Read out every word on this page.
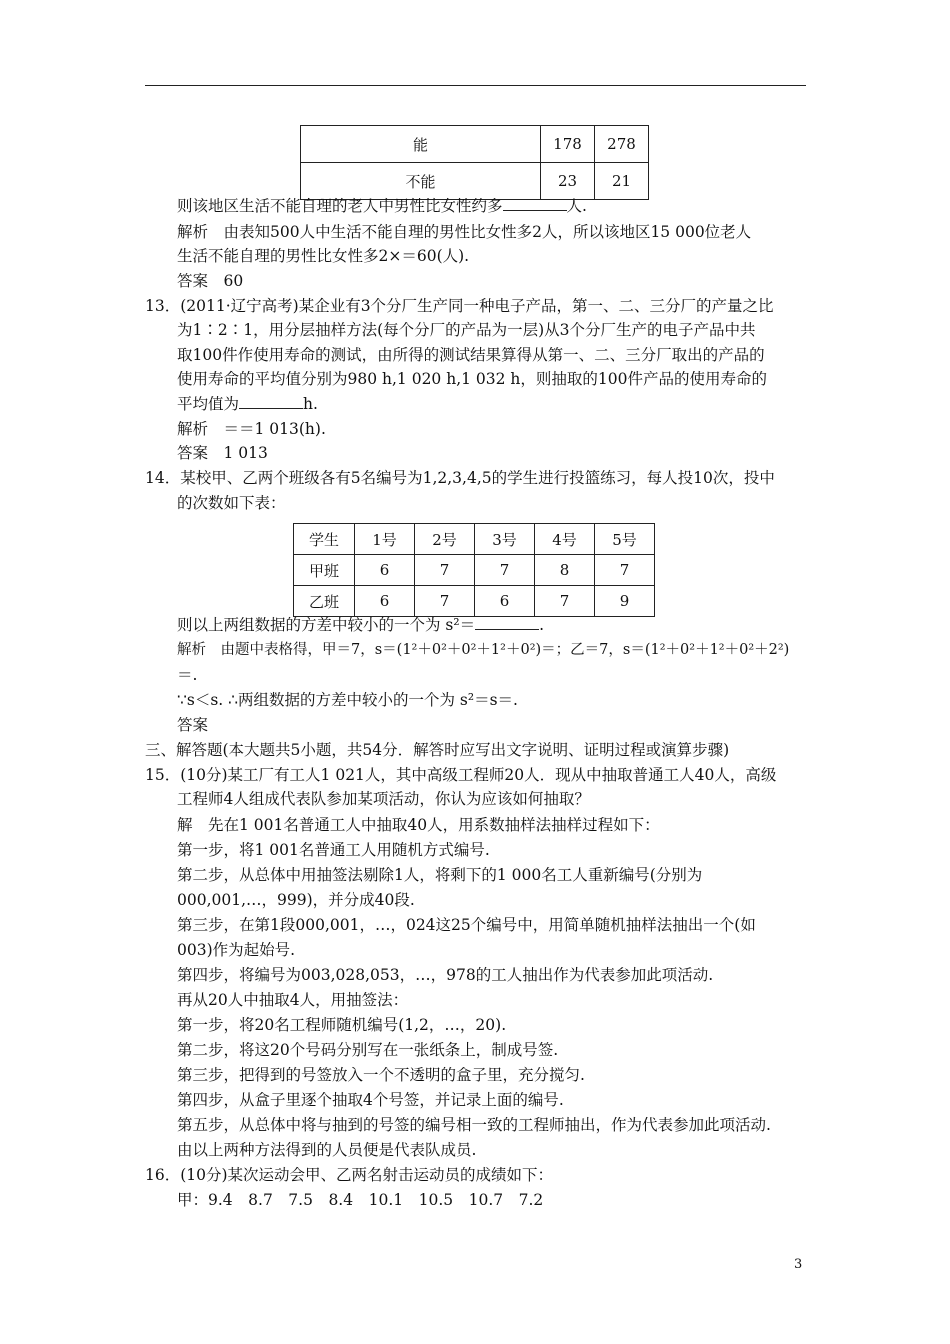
能	178	278
不能	23	21
则该地区生活不能自理的老人中男性比女性约多	人.
解析　由表知500人中生活不能自理的男性比女性多2人，所以该地区15 000位老人
生活不能自理的男性比女性多2×＝60(人).
答案　60
13．(2011·辽宁高考)某企业有3个分厂生产同一种电子产品，第一、二、三分厂的产量之比
为1∶2∶1，用分层抽样方法(每个分厂的产品为一层)从3个分厂生产的电子产品中共
取100件作使用寿命的测试，由所得的测试结果算得从第一、二、三分厂取出的产品的
使用寿命的平均值分别为980 h,1 020 h,1 032 h，则抽取的100件产品的使用寿命的
平均值为	h.
解析　＝＝1 013(h).
答案　1 013
14．某校甲、乙两个班级各有5名编号为1,2,3,4,5的学生进行投篮练习，每人投10次，投中
的次数如下表：
学生	1号	2号	3号	4号	5号
甲班	6	7	7	8	7
乙班	6	7	6	7	9
则以上两组数据的方差中较小的一个为 s²＝	.
解析　由题中表格得，甲＝7，s＝(1²＋0²＋0²＋1²＋0²)＝；乙＝7，s＝(1²＋0²＋1²＋0²＋2²)
＝.
∵s＜s. ∴两组数据的方差中较小的一个为 s²＝s＝.
答案
三、解答题(本大题共5小题，共54分．解答时应写出文字说明、证明过程或演算步骤)
15．(10分)某工厂有工人1 021人，其中高级工程师20人．现从中抽取普通工人40人，高级
工程师4人组成代表队参加某项活动，你认为应该如何抽取？
解　先在1 001名普通工人中抽取40人，用系数抽样法抽样过程如下：
第一步，将1 001名普通工人用随机方式编号.
第二步，从总体中用抽签法剔除1人，将剩下的1 000名工人重新编号(分别为
000,001,…，999)，并分成40段.
第三步，在第1段000,001，…，024这25个编号中，用简单随机抽样法抽出一个(如
003)作为起始号.
第四步，将编号为003,028,053，…，978的工人抽出作为代表参加此项活动.
再从20人中抽取4人，用抽签法：
第一步，将20名工程师随机编号(1,2，…，20).
第二步，将这20个号码分别写在一张纸条上，制成号签.
第三步，把得到的号签放入一个不透明的盒子里，充分搅匀.
第四步，从盒子里逐个抽取4个号签，并记录上面的编号.
第五步，从总体中将与抽到的号签的编号相一致的工程师抽出，作为代表参加此项活动.
由以上两种方法得到的人员便是代表队成员.
16．(10分)某次运动会甲、乙两名射击运动员的成绩如下：
甲：9.4　8.7　7.5　8.4　10.1　10.5　10.7　7.2
3
